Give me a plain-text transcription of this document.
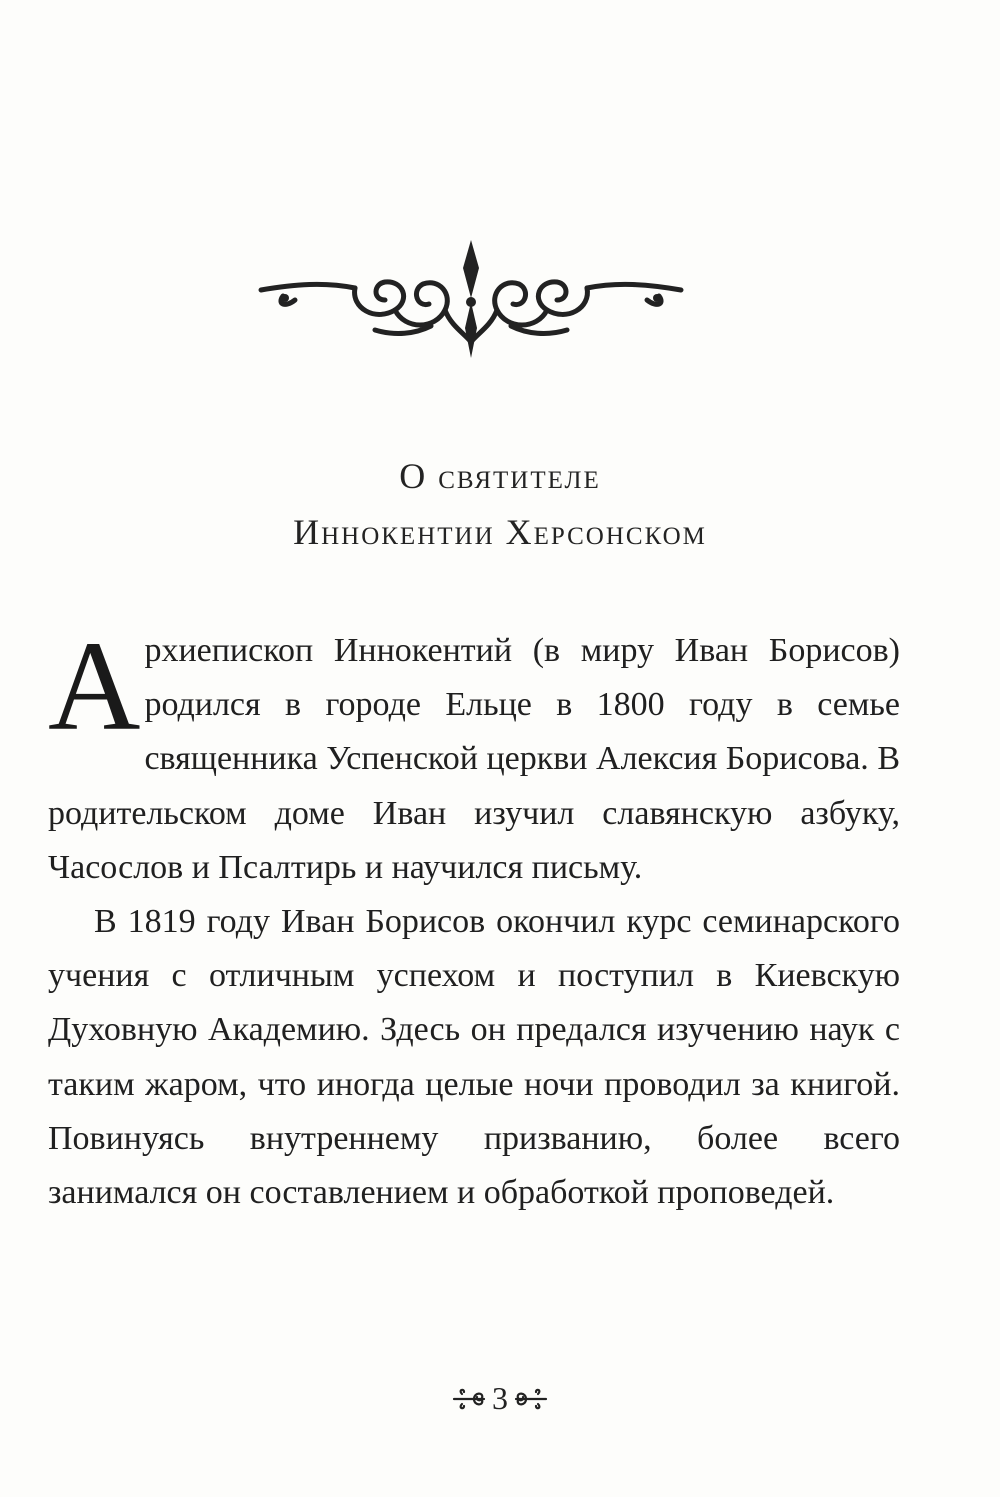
О святителе
Иннокентии Херсонском

Архиепископ Иннокентий (в миру Иван Борисов) родился в городе Ельце в 1800 году в семье священника Успенской церкви Алексия Борисова. В родительском доме Иван изучил славянскую азбуку, Часослов и Псалтирь и научился письму.

В 1819 году Иван Борисов окончил курс семинарского учения с отличным успехом и поступил в Киевскую Духовную Академию. Здесь он предался изучению наук с таким жаром, что иногда целые ночи проводил за книгой. Повинуясь внутреннему призванию, более всего занимался он составлением и обработкой проповедей.

3
